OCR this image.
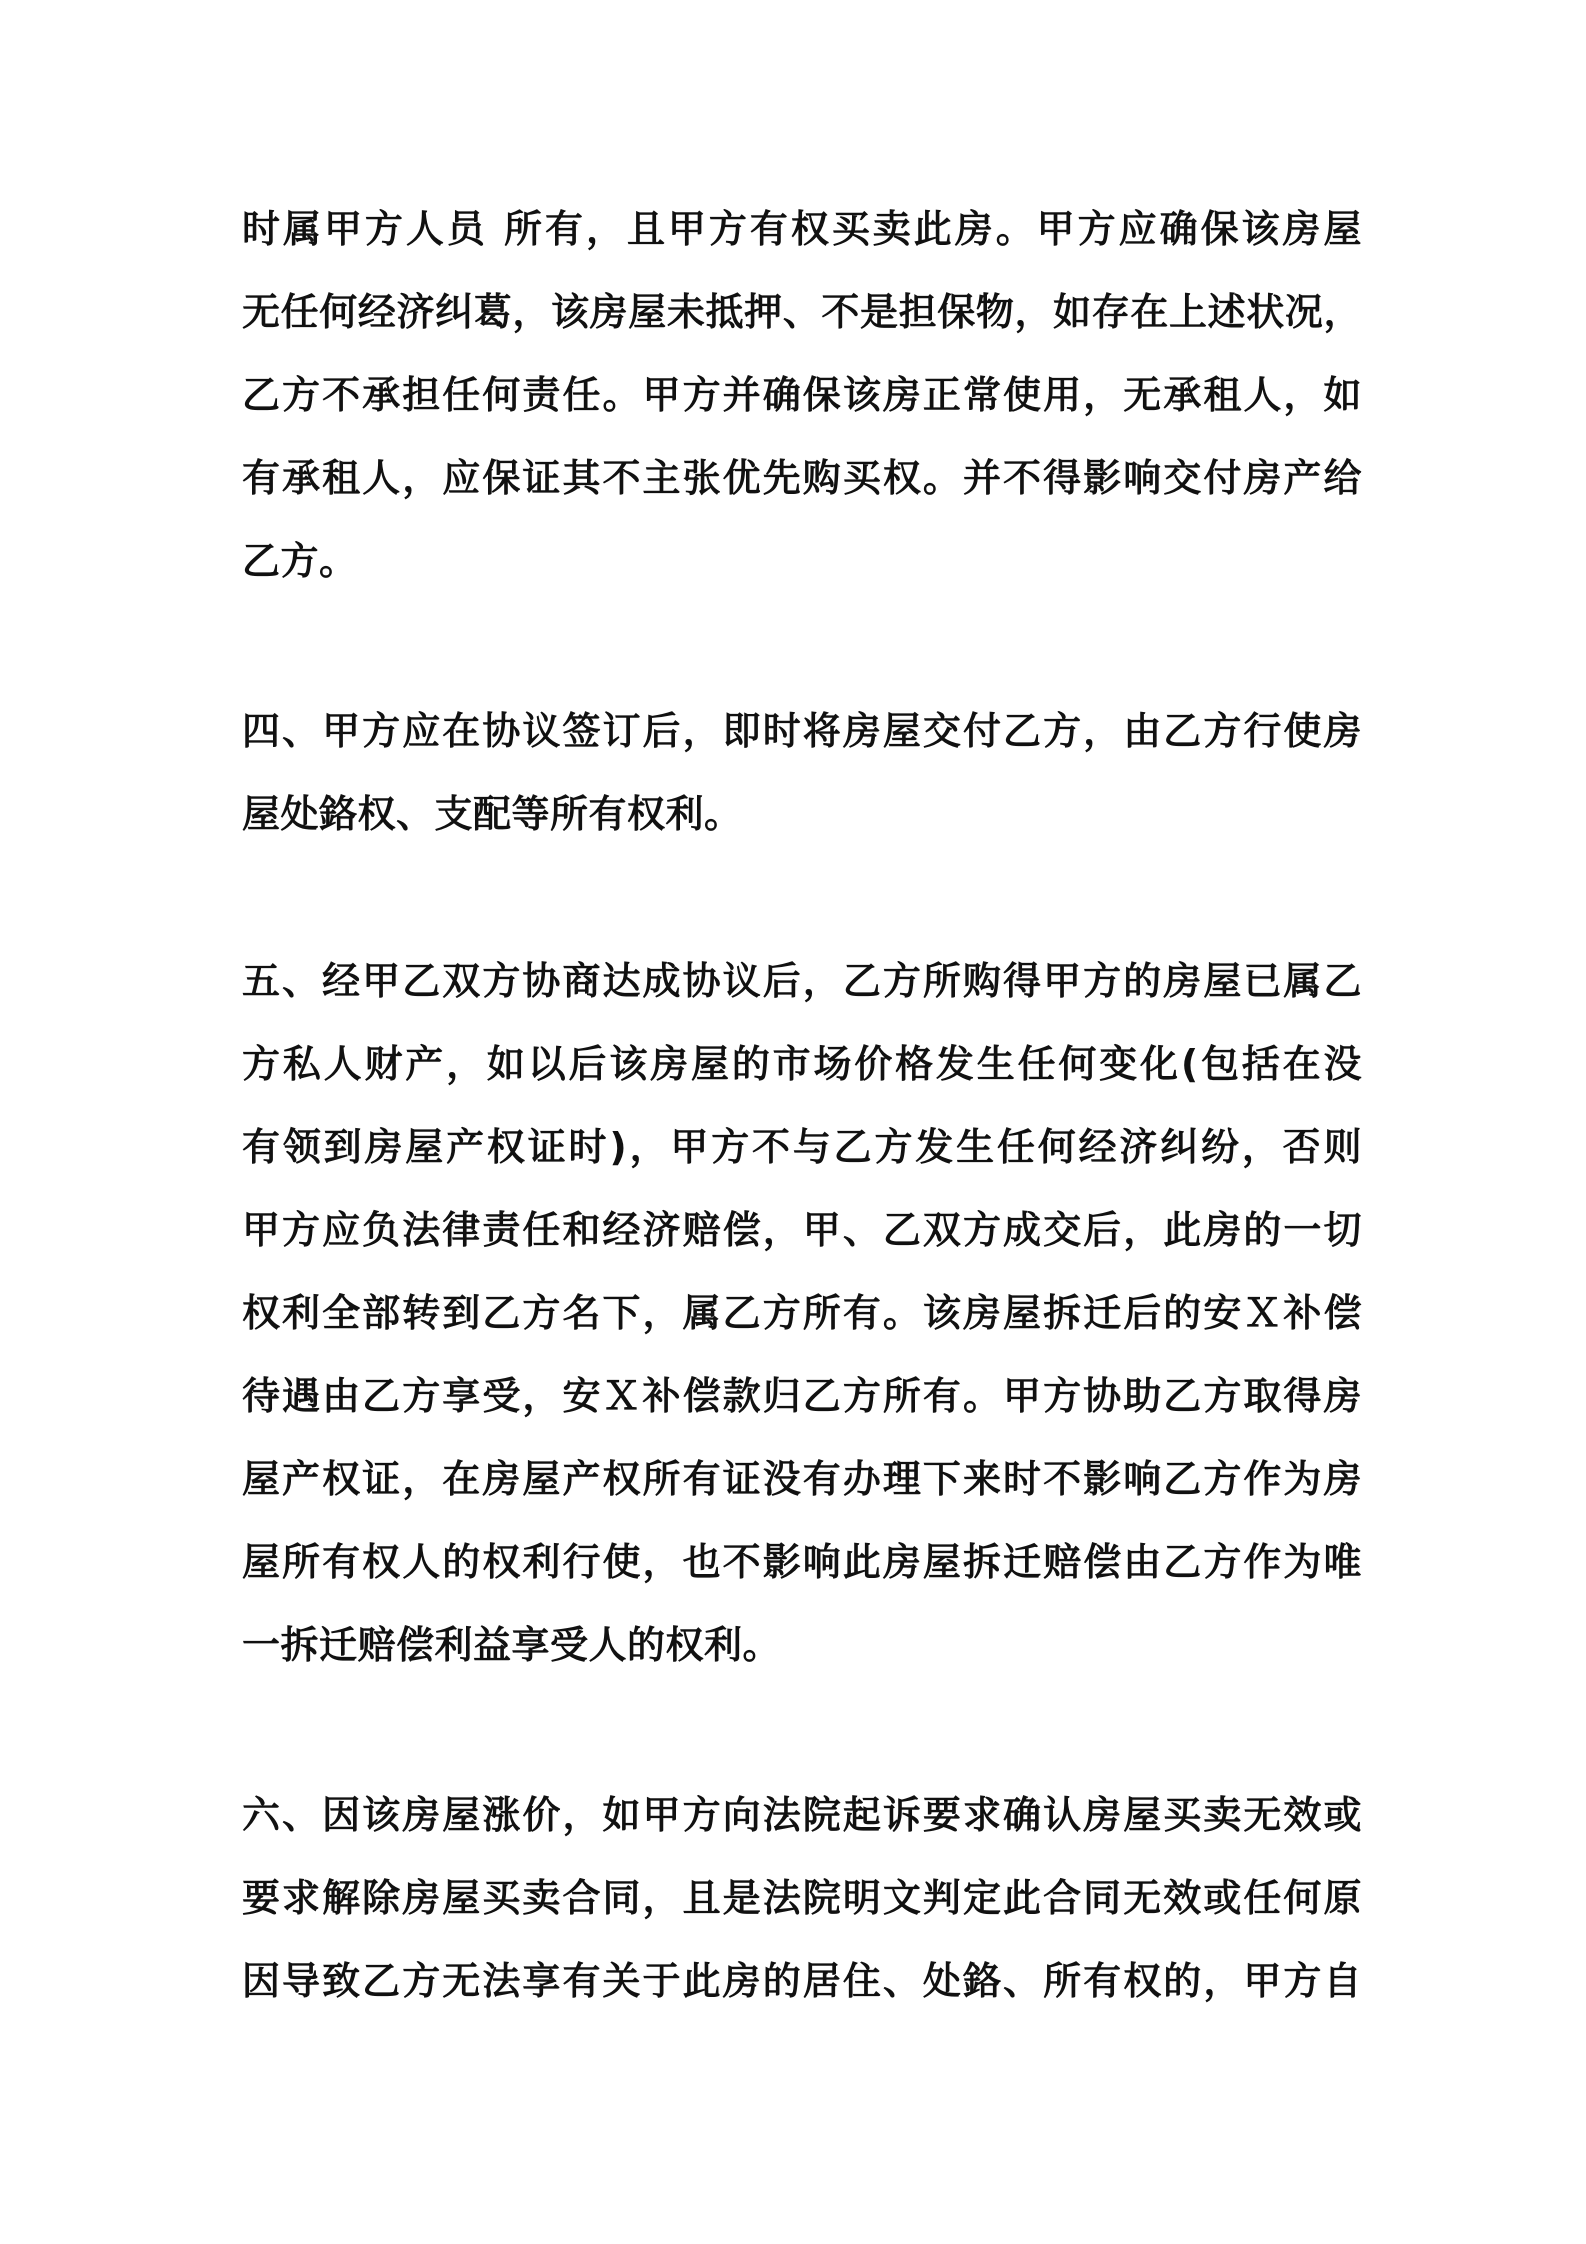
时属甲方人员 所有，且甲方有权买卖此房。甲方应确保该房屋
无任何经济纠葛，该房屋未抵押、不是担保物，如存在上述状况，
乙方不承担任何责任。甲方并确保该房正常使用，无承租人，如
有承租人，应保证其不主张优先购买权。并不得影响交付房产给
乙方。
四、甲方应在协议签订后，即时将房屋交付乙方，由乙方行使房
屋处鉻权、支配等所有权利。
五、经甲乙双方协商达成协议后，乙方所购得甲方的房屋已属乙
方私人财产，如以后该房屋的市场价格发生任何变化(包括在没
有领到房屋产权证时)，甲方不与乙方发生任何经济纠纷，否则
甲方应负法律责任和经济赔偿，甲、乙双方成交后，此房的一切
权利全部转到乙方名下，属乙方所有。该房屋拆迁后的安Ｘ补偿
待遇由乙方享受，安Ｘ补偿款归乙方所有。甲方协助乙方取得房
屋产权证，在房屋产权所有证没有办理下来时不影响乙方作为房
屋所有权人的权利行使，也不影响此房屋拆迁赔偿由乙方作为唯
一拆迁赔偿利益享受人的权利。
六、因该房屋涨价，如甲方向法院起诉要求确认房屋买卖无效或
要求解除房屋买卖合同，且是法院明文判定此合同无效或任何原
因导致乙方无法享有关于此房的居住、处鉻、所有权的，甲方自
